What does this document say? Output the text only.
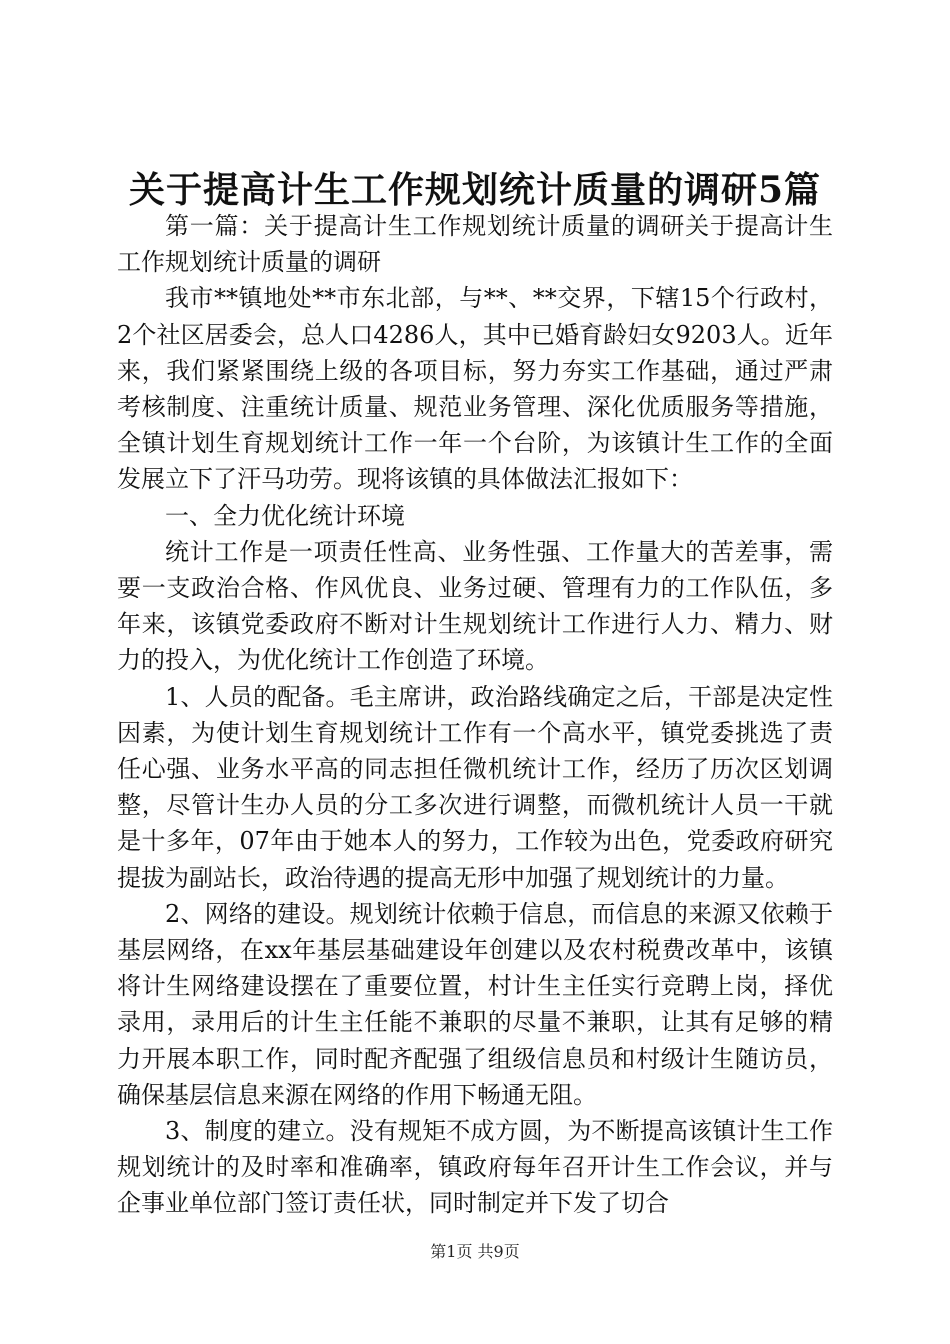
关于提高计生工作规划统计质量的调研5篇

第一篇：关于提高计生工作规划统计质量的调研关于提高计生工作规划统计质量的调研

我市**镇地处**市东北部，与**、**交界，下辖15个行政村，2个社区居委会，总人口4286人，其中已婚育龄妇女9203人。近年来，我们紧紧围绕上级的各项目标，努力夯实工作基础，通过严肃考核制度、注重统计质量、规范业务管理、深化优质服务等措施，全镇计划生育规划统计工作一年一个台阶，为该镇计生工作的全面发展立下了汗马功劳。现将该镇的具体做法汇报如下：

一、全力优化统计环境

统计工作是一项责任性高、业务性强、工作量大的苦差事，需要一支政治合格、作风优良、业务过硬、管理有力的工作队伍，多年来，该镇党委政府不断对计生规划统计工作进行人力、精力、财力的投入，为优化统计工作创造了环境。

1、人员的配备。毛主席讲，政治路线确定之后，干部是决定性因素，为使计划生育规划统计工作有一个高水平，镇党委挑选了责任心强、业务水平高的同志担任微机统计工作，经历了历次区划调整，尽管计生办人员的分工多次进行调整，而微机统计人员一干就是十多年，07年由于她本人的努力，工作较为出色，党委政府研究提拔为副站长，政治待遇的提高无形中加强了规划统计的力量。

2、网络的建设。规划统计依赖于信息，而信息的来源又依赖于基层网络，在xx年基层基础建设年创建以及农村税费改革中，该镇将计生网络建设摆在了重要位置，村计生主任实行竞聘上岗，择优录用，录用后的计生主任能不兼职的尽量不兼职，让其有足够的精力开展本职工作，同时配齐配强了组级信息员和村级计生随访员，确保基层信息来源在网络的作用下畅通无阻。

3、制度的建立。没有规矩不成方圆，为不断提高该镇计生工作规划统计的及时率和准确率，镇政府每年召开计生工作会议，并与企事业单位部门签订责任状，同时制定并下发了切合

第1页 共9页
